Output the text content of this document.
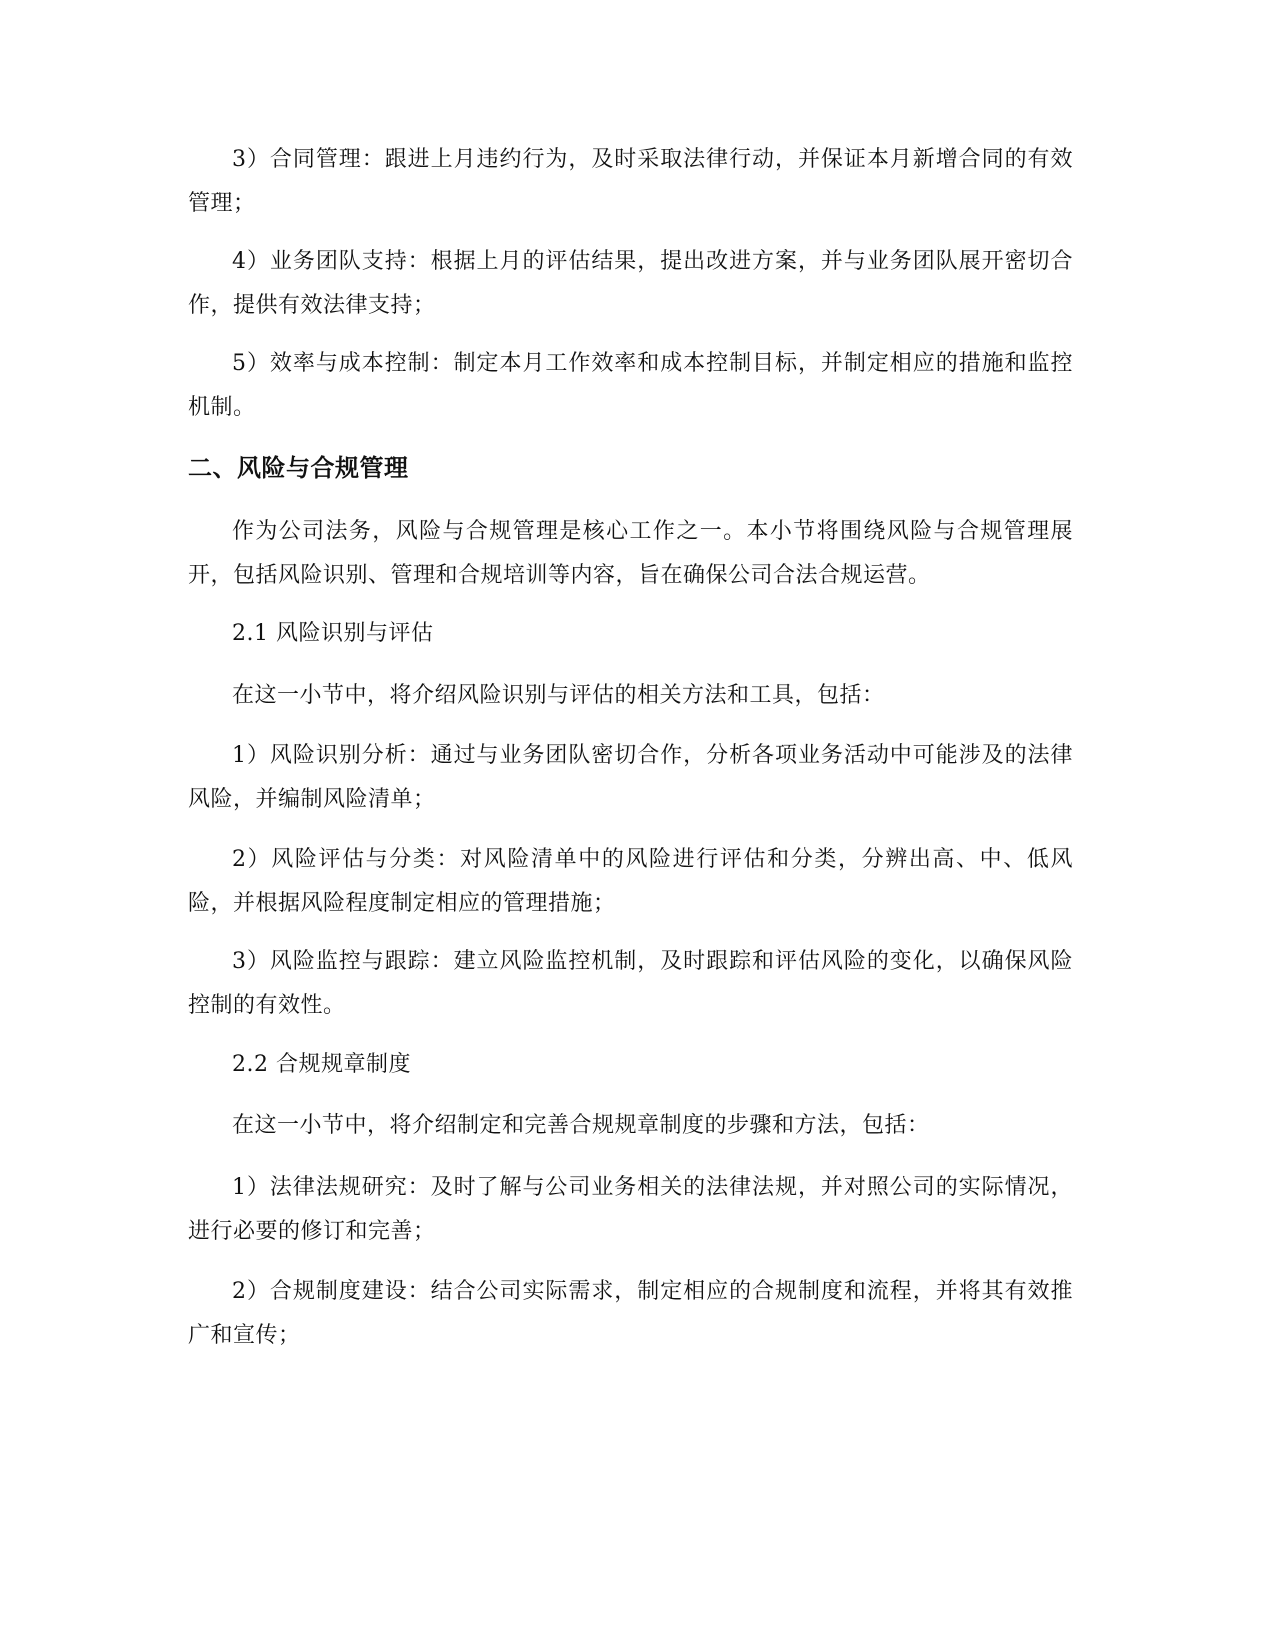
3）合同管理：跟进上月违约行为，及时采取法律行动，并保证本月新增合同的有效管理；

4）业务团队支持：根据上月的评估结果，提出改进方案，并与业务团队展开密切合作，提供有效法律支持；

5）效率与成本控制：制定本月工作效率和成本控制目标，并制定相应的措施和监控机制。

二、风险与合规管理

作为公司法务，风险与合规管理是核心工作之一。本小节将围绕风险与合规管理展开，包括风险识别、管理和合规培训等内容，旨在确保公司合法合规运营。

2.1 风险识别与评估

在这一小节中，将介绍风险识别与评估的相关方法和工具，包括：

1）风险识别分析：通过与业务团队密切合作，分析各项业务活动中可能涉及的法律风险，并编制风险清单；

2）风险评估与分类：对风险清单中的风险进行评估和分类，分辨出高、中、低风险，并根据风险程度制定相应的管理措施；

3）风险监控与跟踪：建立风险监控机制，及时跟踪和评估风险的变化，以确保风险控制的有效性。

2.2 合规规章制度

在这一小节中，将介绍制定和完善合规规章制度的步骤和方法，包括：

1）法律法规研究：及时了解与公司业务相关的法律法规，并对照公司的实际情况，进行必要的修订和完善；

2）合规制度建设：结合公司实际需求，制定相应的合规制度和流程，并将其有效推广和宣传；
